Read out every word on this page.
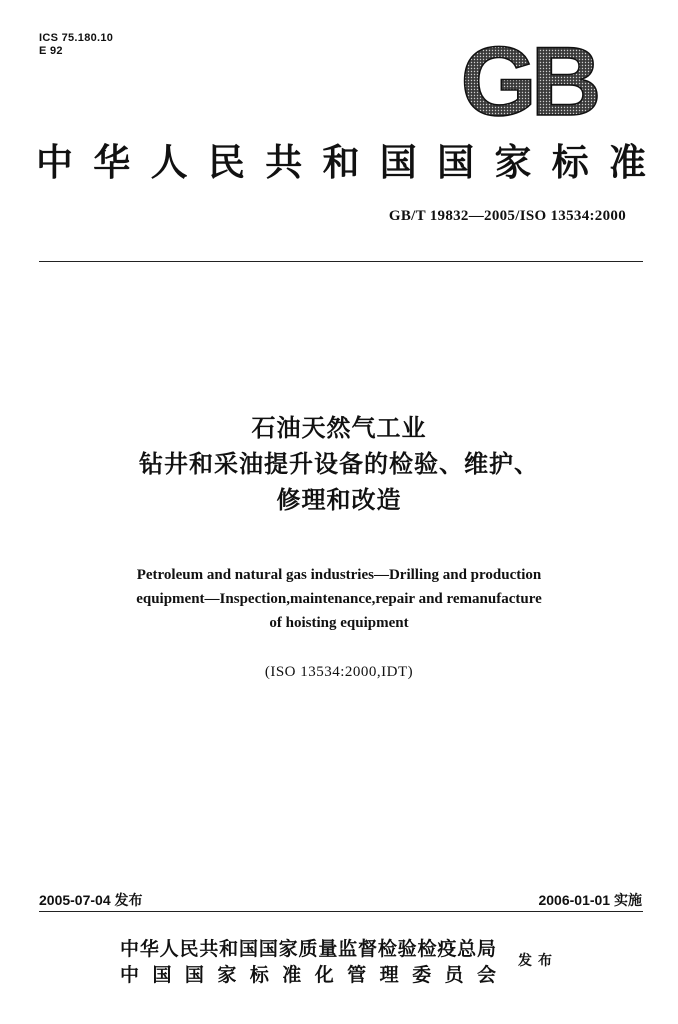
ICS 75.180.10
E 92	GB
中华人民共和国国家标准
GB/T 19832—2005/ISO 13534:2000
石油天然气工业
钻井和采油提升设备的检验、维护、
修理和改造
Petroleum and natural gas industries—Drilling and production
equipment—Inspection,maintenance,repair and remanufacture
of hoisting equipment
(ISO 13534:2000,IDT)
2005-07-04 发布	2006-01-01 实施
中华人民共和国国家质量监督检验检疫总局
中国国家标准化管理委员会
发布
